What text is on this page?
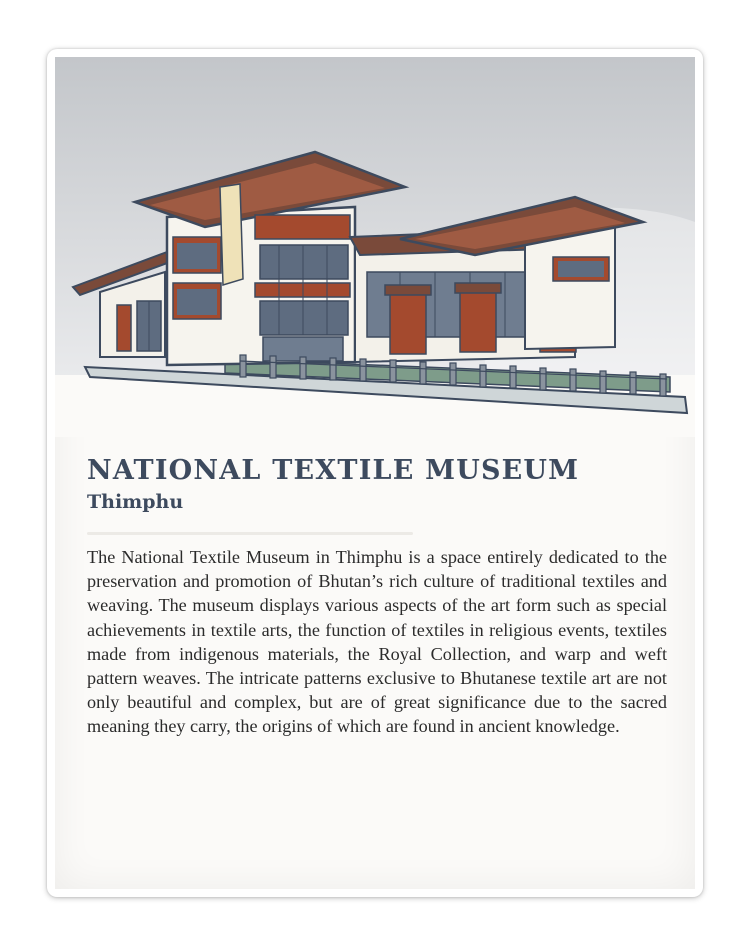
NATIONAL TEXTILE MUSEUM
Thimphu

The National Textile Museum in Thimphu is a space entirely dedicated to the preservation and promotion of Bhutan’s rich culture of traditional textiles and weaving. The museum displays various aspects of the art form such as special achievements in textile arts, the function of textiles in religious events, textiles made from indigenous materials, the Royal Collection, and warp and weft pattern weaves. The intricate patterns exclusive to Bhutanese textile art are not only beautiful and complex, but are of great significance due to the sacred meaning they carry, the origins of which are found in ancient knowledge.
